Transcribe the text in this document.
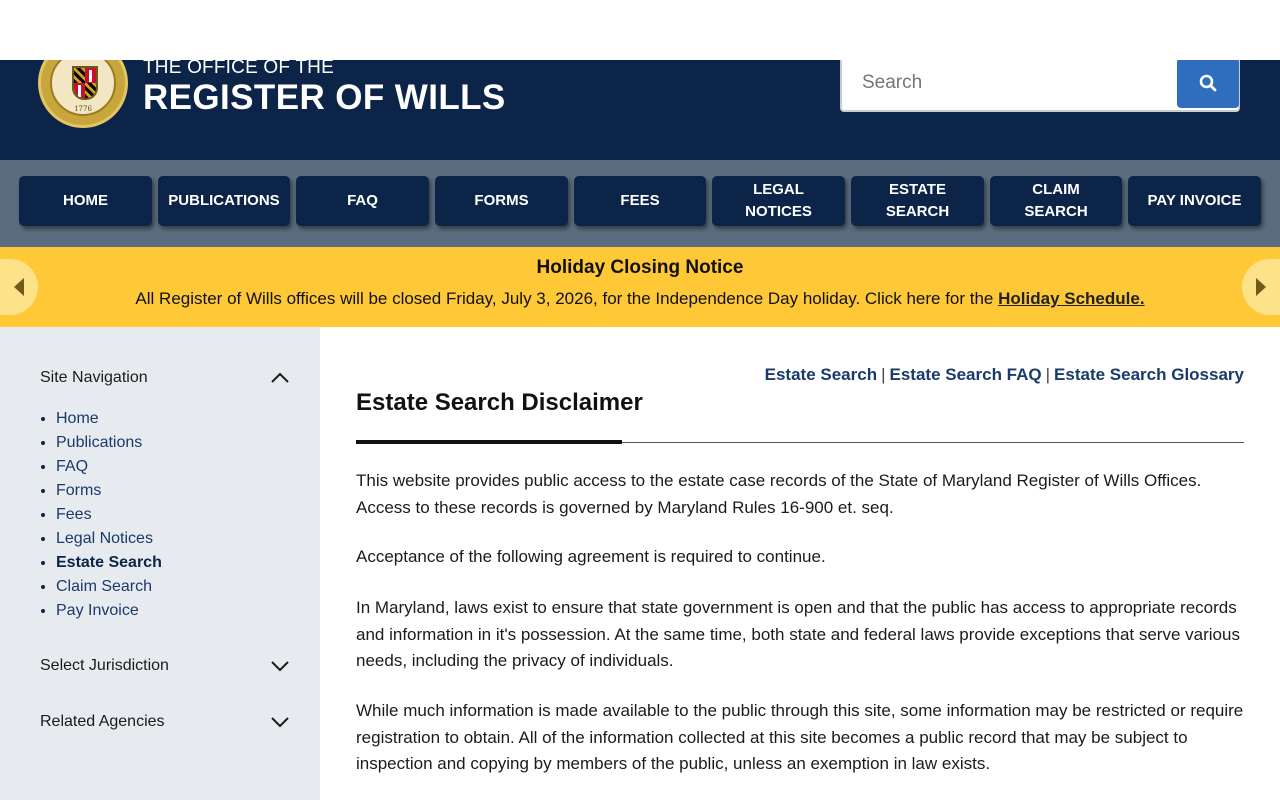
1776
THE OFFICE OF THE
REGISTER OF WILLS
Search
HOME	PUBLICATIONS	FAQ	FORMS	FEES
LEGAL NOTICES
ESTATE SEARCH
CLAIM SEARCH
PAY INVOICE
Holiday Closing Notice
All Register of Wills offices will be closed Friday, July 3, 2026, for the Independence Day holiday. Click here for the Holiday Schedule.
Site Navigation
• Home
• Publications
• FAQ
• Forms
• Fees
• Legal Notices
• Estate Search
• Claim Search
• Pay Invoice
Select Jurisdiction
Related Agencies
Estate Search | Estate Search FAQ | Estate Search Glossary
Estate Search Disclaimer

This website provides public access to the estate case records of the State of Maryland Register of Wills Offices. Access to these records is governed by Maryland Rules 16-900 et. seq.

Acceptance of the following agreement is required to continue.

In Maryland, laws exist to ensure that state government is open and that the public has access to appropriate records and information in it's possession. At the same time, both state and federal laws provide exceptions that serve various needs, including the privacy of individuals.

While much information is made available to the public through this site, some information may be restricted or require registration to obtain. All of the information collected at this site becomes a public record that may be subject to inspection and copying by members of the public, unless an exemption in law exists.
